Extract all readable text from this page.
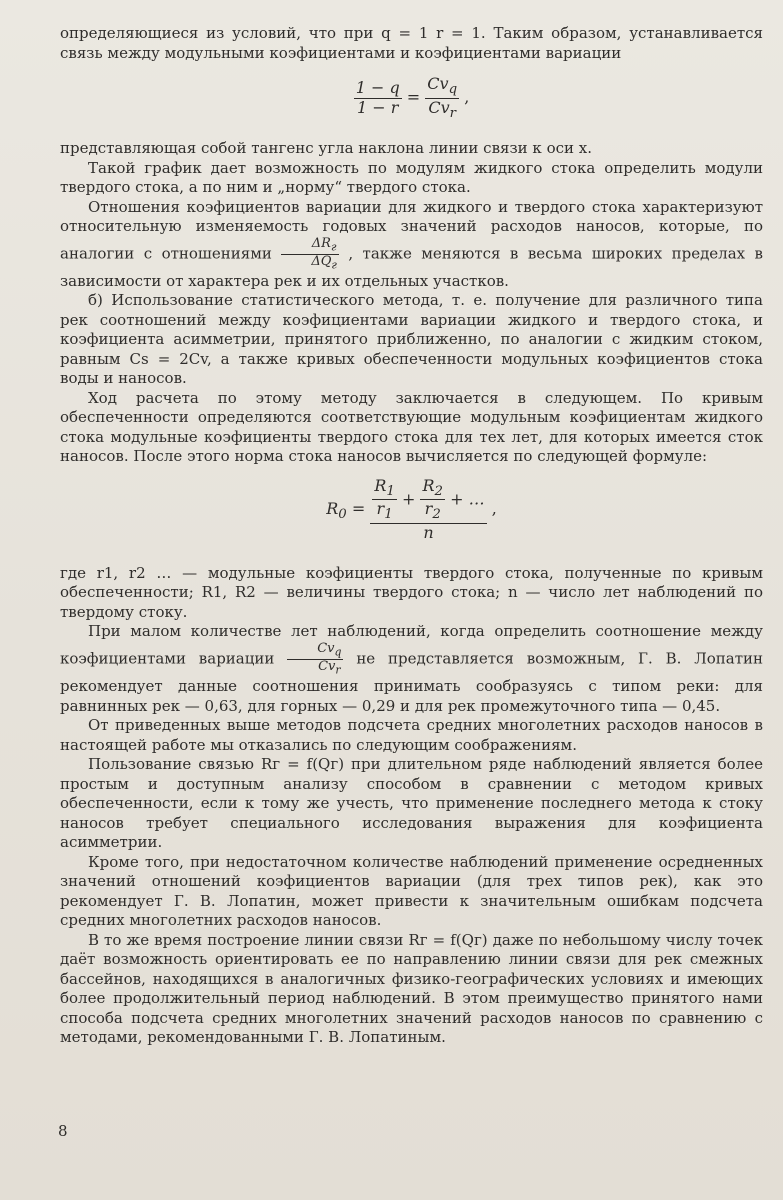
определяющиеся из условий, что при q = 1 r = 1. Таким образом, устанавливается связь между модульными коэфициентами и коэфициентами вариации

$\frac{1 - q}{1 - r} = \frac{Cv_q}{Cv_r}$ ,

представляющая собой тангенс угла наклона линии связи к оси x.

Такой график дает возможность по модулям жидкого стока определить модули твердого стока, а по ним и „норму“ твердого стока.

Отношения коэфициентов вариации для жидкого и твердого стока характеризуют относительную изменяемость годовых значений расходов наносов, которые, по аналогии с отношениями $\frac{\Delta R_г}{\Delta Q_г}$ , также меняются в весьма широких пределах в зависимости от характера рек и их отдельных участков.

б) Использование статистического метода, т. е. получение для различного типа рек соотношений между коэфициентами вариации жидкого и твердого стока, и коэфициента асимметрии, принятого приближенно, по аналогии с жидким стоком, равным Cs = 2Cv, а также кривых обеспеченности модульных коэфициентов стока воды и наносов.

Ход расчета по этому методу заключается в следующем. По кривым обеспеченности определяются соответствующие модульным коэфициентам жидкого стока модульные коэфициенты твердого стока для тех лет, для которых имеется сток наносов. После этого норма стока наносов вычисляется по следующей формуле:

$R_0 = \frac{R_1}{r_1} + \frac{R_2}{r_2}$ + …
n
,

где r1, r2 … — модульные коэфициенты твердого стока, полученные по кривым обеспеченности; R1, R2 — величины твердого стока; n — число лет наблюдений по твердому стоку.

При малом количестве лет наблюдений, когда определить соотношение между коэфициентами вариации $\frac{Cv_q}{Cv_r}$ не представляется возможным, Г. В. Лопатин рекомендует данные соотношения принимать сообразуясь с типом реки: для равнинных рек — 0,63, для горных — 0,29 и для рек промежуточного типа — 0,45.

От приведенных выше методов подсчета средних многолетних расходов наносов в настоящей работе мы отказались по следующим соображениям.

Пользование связью Rг = f(Qг) при длительном ряде наблюдений является более простым и доступным анализу способом в сравнении с методом кривых обеспеченности, если к тому же учесть, что применение последнего метода к стоку наносов требует специального исследования выражения для коэфициента асимметрии.

Кроме того, при недостаточном количестве наблюдений применение осредненных значений отношений коэфициентов вариации (для трех типов рек), как это рекомендует Г. В. Лопатин, может привести к значительным ошибкам подсчета средних многолетних расходов наносов.

В то же время построение линии связи Rг = f(Qг) даже по небольшому числу точек даёт возможность ориентировать ее по направлению линии связи для рек смежных бассейнов, находящихся в аналогичных физико-географических условиях и имеющих более продолжительный период наблюдений. В этом преимущество принятого нами способа подсчета средних многолетних значений расходов наносов по сравнению с методами, рекомендованными Г. В. Лопатиным.

8
